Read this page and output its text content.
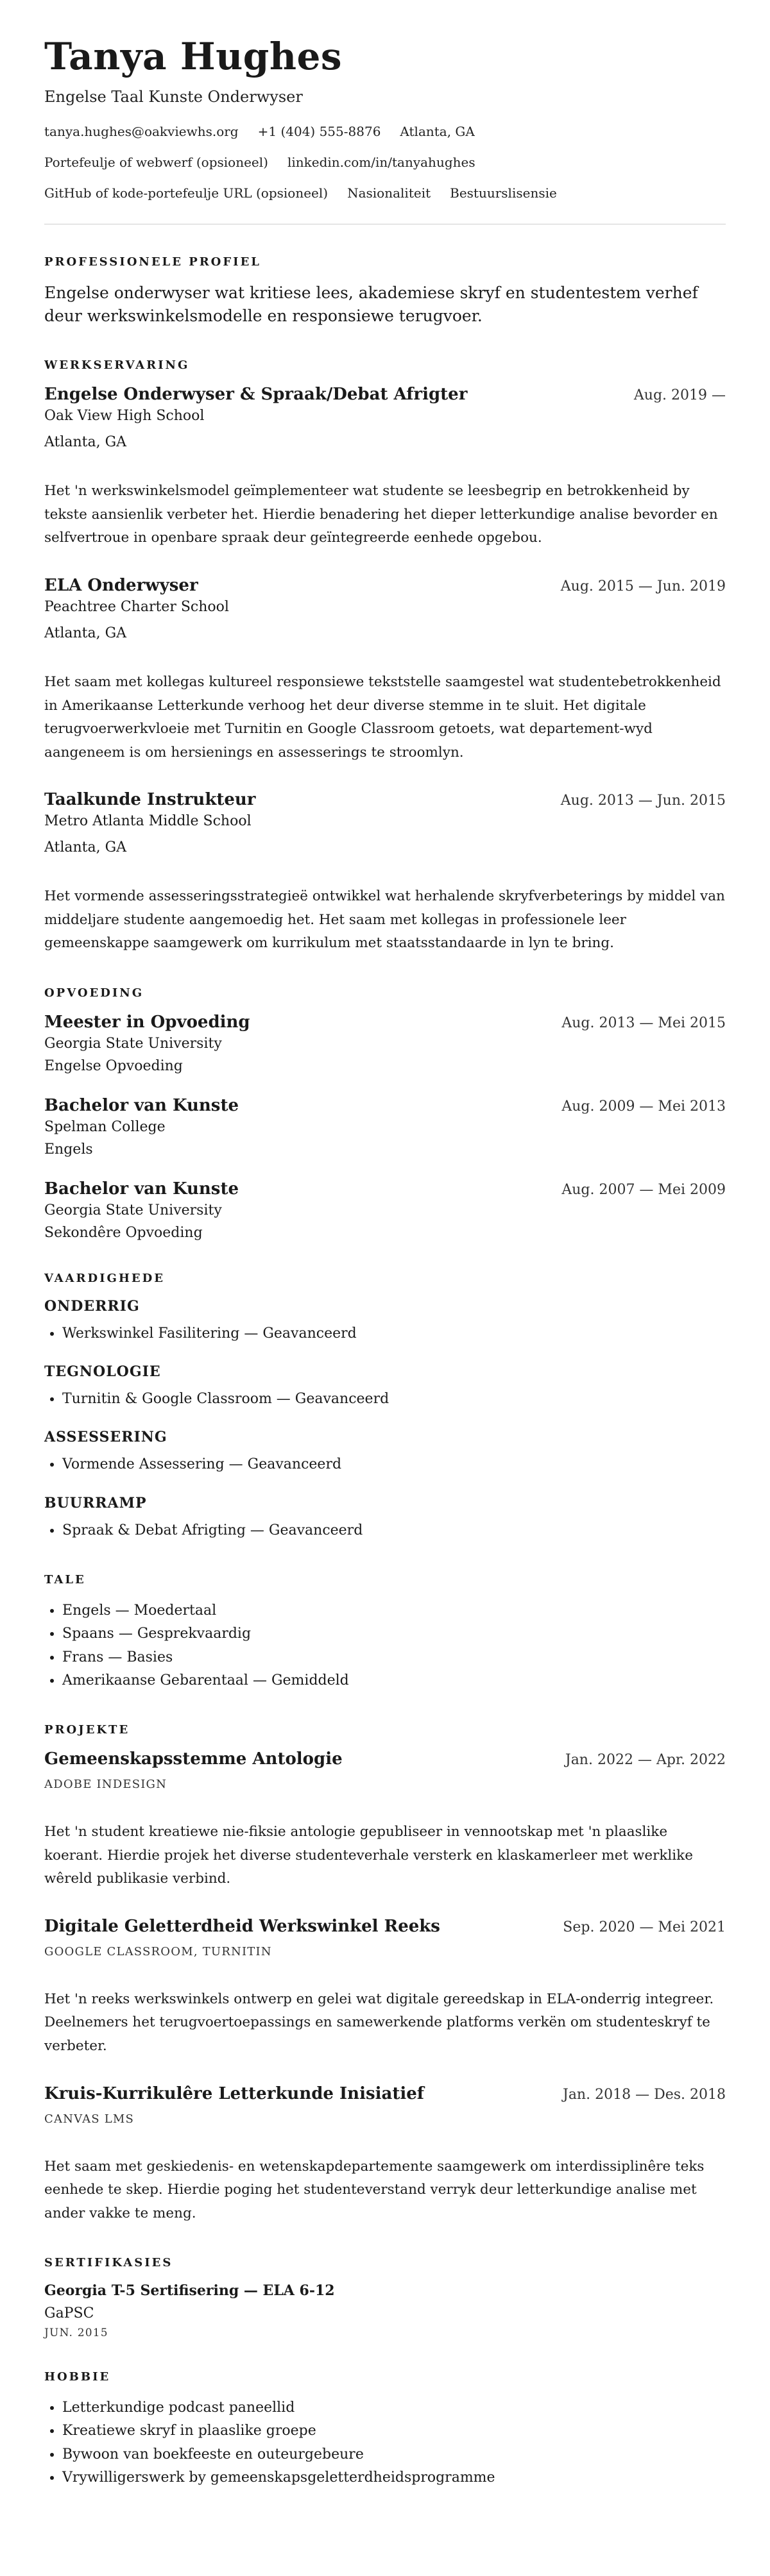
Tanya Hughes
Engelse Taal Kunste Onderwyser
tanya.hughes@oakviewhs.org +1 (404) 555-8876 Atlanta, GA
Portefeulje of webwerf (opsioneel) linkedin.com/in/tanyahughes
GitHub of kode-portefeulje URL (opsioneel) Nasionaliteit Bestuurslisensie
PROFESSIONELE PROFIEL

Engelse onderwyser wat kritiese lees, akademiese skryf en studentestem verhef deur werkswinkelsmodelle en responsiewe terugvoer.

WERKSERVARING
Engelse Onderwyser & Spraak/Debat Afrigter	Aug. 2019 —
Oak View High School
Atlanta, GA

Het 'n werkswinkelsmodel geïmplementeer wat studente se leesbegrip en betrokkenheid by tekste aansienlik verbeter het. Hierdie benadering het dieper letterkundige analise bevorder en selfvertroue in openbare spraak deur geïntegreerde eenhede opgebou.

ELA Onderwyser	Aug. 2015 — Jun. 2019
Peachtree Charter School
Atlanta, GA

Het saam met kollegas kultureel responsiewe tekststelle saamgestel wat studentebetrokkenheid in Amerikaanse Letterkunde verhoog het deur diverse stemme in te sluit. Het digitale terugvoerwerkvloeie met Turnitin en Google Classroom getoets, wat departement-wyd aangeneem is om hersienings en assesserings te stroomlyn.

Taalkunde Instrukteur	Aug. 2013 — Jun. 2015
Metro Atlanta Middle School
Atlanta, GA

Het vormende assesseringsstrategieë ontwikkel wat herhalende skryfverbeterings by middel van middeljare studente aangemoedig het. Het saam met kollegas in professionele leer gemeenskappe saamgewerk om kurrikulum met staatsstandaarde in lyn te bring.

OPVOEDING
Meester in Opvoeding	Aug. 2013 — Mei 2015
Georgia State University
Engelse Opvoeding
Bachelor van Kunste	Aug. 2009 — Mei 2013
Spelman College
Engels
Bachelor van Kunste	Aug. 2007 — Mei 2009
Georgia State University
Sekondêre Opvoeding
VAARDIGHEDE
ONDERRIG
• Werkswinkel Fasilitering — Geavanceerd
TEGNOLOGIE
• Turnitin & Google Classroom — Geavanceerd
ASSESSERING
• Vormende Assessering — Geavanceerd
BUURRAMP
• Spraak & Debat Afrigting — Geavanceerd
TALE
• Engels — Moedertaal
• Spaans — Gesprekvaardig
• Frans — Basies
• Amerikaanse Gebarentaal — Gemiddeld
PROJEKTE
Gemeenskapsstemme Antologie	Jan. 2022 — Apr. 2022
ADOBE INDESIGN

Het 'n student kreatiewe nie-fiksie antologie gepubliseer in vennootskap met 'n plaaslike koerant. Hierdie projek het diverse studenteverhale versterk en klaskamerleer met werklike wêreld publikasie verbind.

Digitale Geletterdheid Werkswinkel Reeks	Sep. 2020 — Mei 2021
GOOGLE CLASSROOM, TURNITIN

Het 'n reeks werkswinkels ontwerp en gelei wat digitale gereedskap in ELA-onderrig integreer. Deelnemers het terugvoertoepassings en samewerkende platforms verkën om studenteskryf te verbeter.

Kruis-Kurrikulêre Letterkunde Inisiatief	Jan. 2018 — Des. 2018
CANVAS LMS

Het saam met geskiedenis- en wetenskapdepartemente saamgewerk om interdissiplinêre teks eenhede te skep. Hierdie poging het studenteverstand verryk deur letterkundige analise met ander vakke te meng.

SERTIFIKASIES
Georgia T-5 Sertifisering — ELA 6-12
GaPSC
JUN. 2015
HOBBIE
• Letterkundige podcast paneellid
• Kreatiewe skryf in plaaslike groepe
• Bywoon van boekfeeste en outeurgebeure
• Vrywilligerswerk by gemeenskapsgeletterdheidsprogramme
